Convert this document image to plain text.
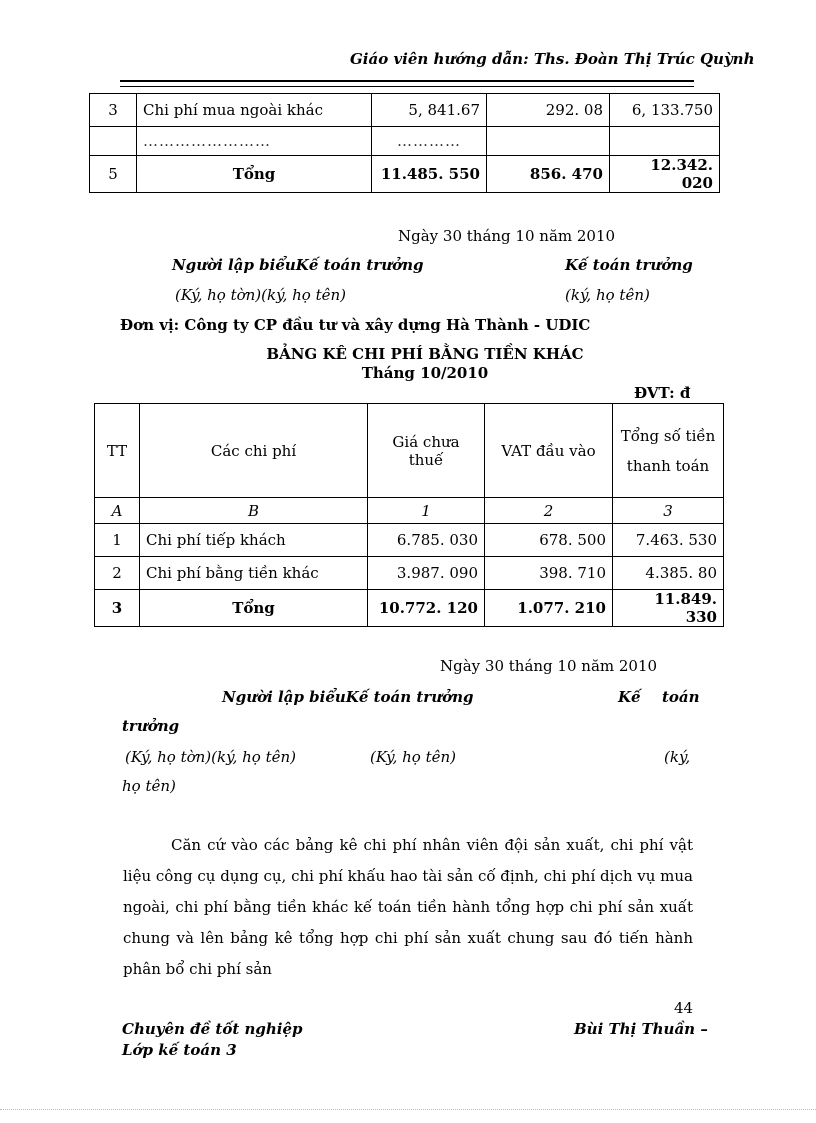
Giáo viên hướng dẫn: Ths. Đoàn Thị Trúc Quỳnh
3	Chi phí mua ngoài khác	5, 841.67	292. 08	6, 133.750
	……………………	…………		
5	Tổng	11.485. 550	856. 470	12.342. 020
Ngày 30 tháng 10 năm 2010
Người lập biểuKế toán trưởng	Kế toán trưởng
(Ký, họ tờn)(ký, họ tên)	(ký, họ tên)
Đơn vị: Công ty CP đầu tư và xây dựng Hà Thành - UDIC
BẢNG KÊ CHI PHÍ BẰNG TIỀN KHÁC
Tháng 10/2010
ĐVT: đ
TT	Các chi phí	Giá chưa thuế	VAT đầu vào	Tổng số tiền
thanh toán

A	B	1	2	3
1	Chi phí tiếp khách	6.785. 030	678. 500	7.463. 530
2	Chi phí bằng tiền khác	3.987. 090	398. 710	4.385. 80
3	Tổng	10.772. 120	1.077. 210	11.849. 330
Ngày 30 tháng 10 năm 2010
Người lập biểuKế toán trưởng	Kế toán
trưởng
(Ký, họ tờn)(ký, họ tên)	(Ký, họ tên)	(ký,
họ tên)
Căn cứ vào các bảng kê chi phí nhân viên đội sản xuất, chi phí vật liệu công cụ dụng cụ, chi phí khấu hao tài sản cố định, chi phí dịch vụ mua ngoài, chi phí bằng tiền khác kế toán tiền hành tổng hợp chi phí sản xuất chung và lên bảng kê tổng hợp chi phí sản xuất chung sau đó tiến hành phân bổ chi phí sản
44
Chuyên đề tốt nghiệp
Lớp kế toán 3
Bùi Thị Thuần –
